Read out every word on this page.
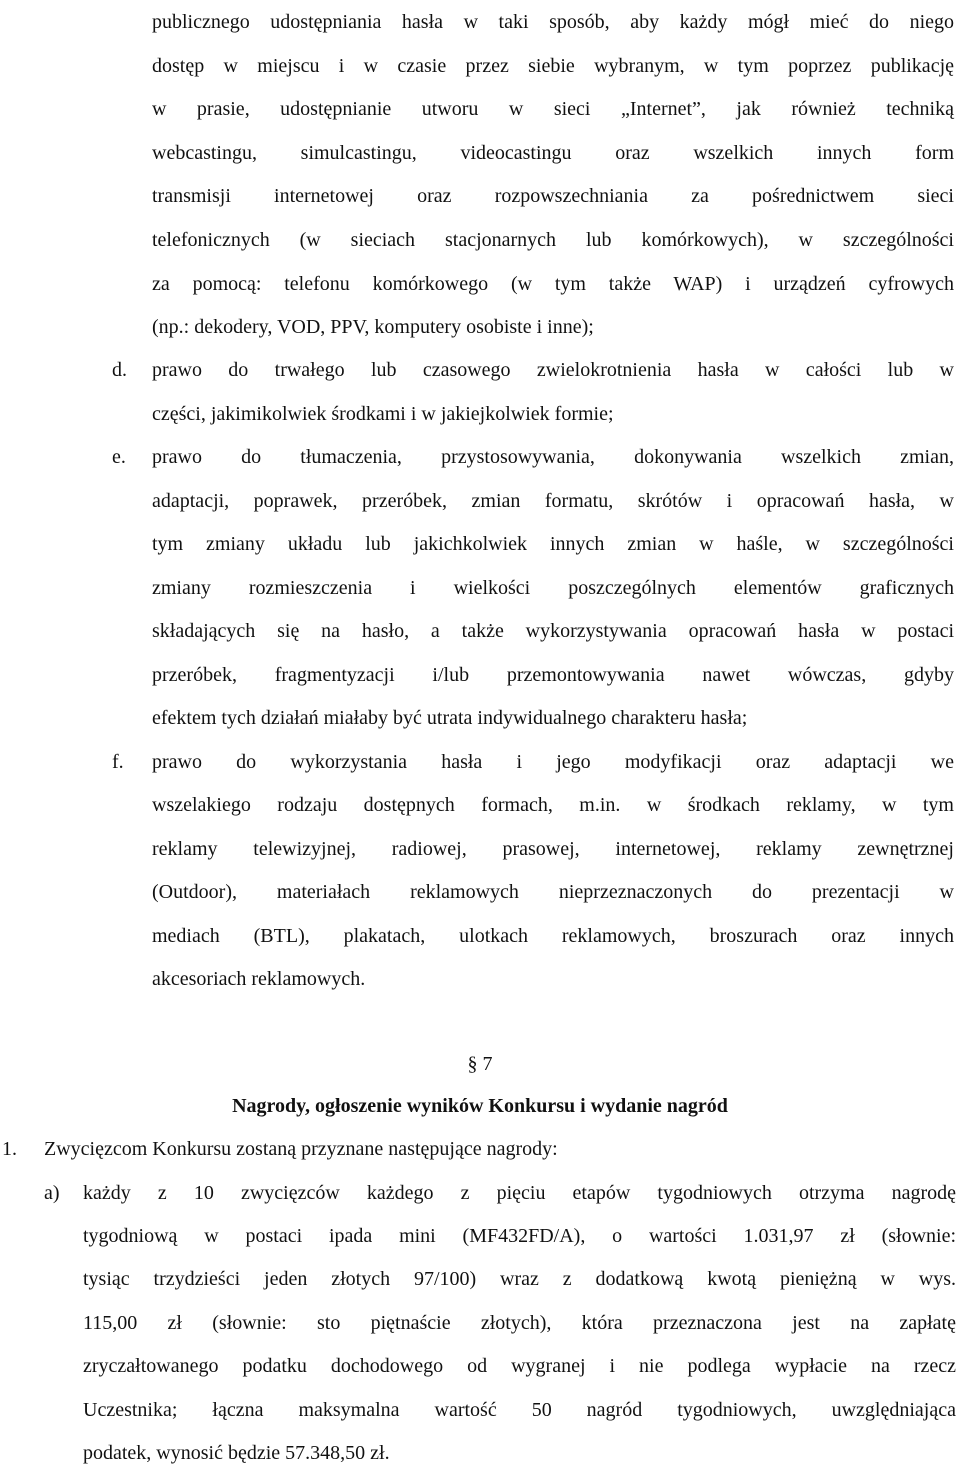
publicznego udostępniania hasła w taki sposób, aby każdy mógł mieć do niego
dostęp w miejscu i w czasie przez siebie wybranym, w tym poprzez publikację
w prasie, udostępnianie utworu w sieci „Internet”, jak również techniką
webcastingu, simulcastingu, videocastingu oraz wszelkich innych form
transmisji internetowej oraz rozpowszechniania za pośrednictwem sieci
telefonicznych (w sieciach stacjonarnych lub komórkowych), w szczególności
za pomocą: telefonu komórkowego (w tym także WAP) i urządzeń cyfrowych
(np.: dekodery, VOD, PPV, komputery osobiste i inne);
d. prawo do trwałego lub czasowego zwielokrotnienia hasła w całości lub w
części, jakimikolwiek środkami i w jakiejkolwiek formie;
e. prawo do tłumaczenia, przystosowywania, dokonywania wszelkich zmian,
adaptacji, poprawek, przeróbek, zmian formatu, skrótów i opracowań hasła, w
tym zmiany układu lub jakichkolwiek innych zmian w haśle, w szczególności
zmiany rozmieszczenia i wielkości poszczególnych elementów graficznych
składających się na hasło, a także wykorzystywania opracowań hasła w postaci
przeróbek, fragmentyzacji i/lub przemontowywania nawet wówczas, gdyby
efektem tych działań miałaby być utrata indywidualnego charakteru hasła;
f. prawo do wykorzystania hasła i jego modyfikacji oraz adaptacji we
wszelakiego rodzaju dostępnych formach, m.in. w środkach reklamy, w tym
reklamy telewizyjnej, radiowej, prasowej, internetowej, reklamy zewnętrznej
(Outdoor), materiałach reklamowych nieprzeznaczonych do prezentacji w
mediach (BTL), plakatach, ulotkach reklamowych, broszurach oraz innych
akcesoriach reklamowych.
§ 7
Nagrody, ogłoszenie wyników Konkursu i wydanie nagród
1. Zwycięzcom Konkursu zostaną przyznane następujące nagrody:
a) każdy z 10 zwycięzców każdego z pięciu etapów tygodniowych otrzyma nagrodę
tygodniową w postaci ipada mini (MF432FD/A), o wartości 1.031,97 zł (słownie:
tysiąc trzydzieści jeden złotych 97/100) wraz z dodatkową kwotą pieniężną w wys.
115,00 zł (słownie: sto piętnaście złotych), która przeznaczona jest na zapłatę
zryczałtowanego podatku dochodowego od wygranej i nie podlega wypłacie na rzecz
Uczestnika; łączna maksymalna wartość 50 nagród tygodniowych, uwzględniająca
podatek, wynosić będzie 57.348,50 zł.
